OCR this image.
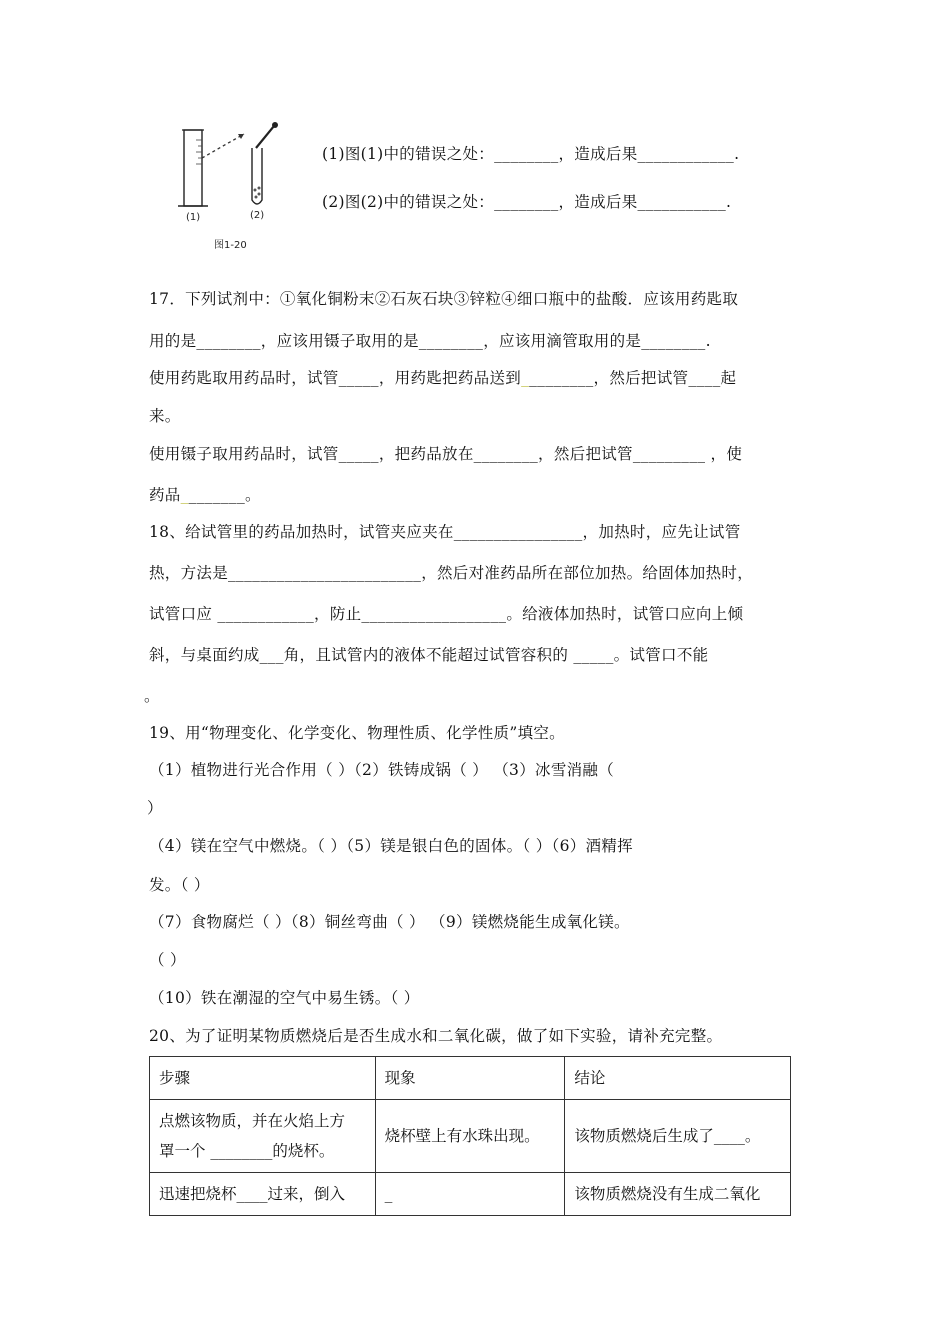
(1)	(2)
图1-20
(1)图(1)中的错误之处：________，造成后果____________.
(2)图(2)中的错误之处：________，造成后果___________.
17．下列试剂中：①氧化铜粉末②石灰石块③锌粒④细口瓶中的盐酸．应该用药匙取
用的是________，应该用镊子取用的是________，应该用滴管取用的是________.
使用药匙取用药品时，试管_____，用药匙把药品送到_________，然后把试管____起
来。
使用镊子取用药品时，试管_____，把药品放在________，然后把试管_________ ，使
药品________。
18、给试管里的药品加热时，试管夹应夹在________________，加热时，应先让试管
热，方法是________________________，然后对准药品所在部位加热。给固体加热时，
试管口应 ____________，防止__________________。给液体加热时，试管口应向上倾
斜，与桌面约成___角，且试管内的液体不能超过试管容积的 _____。试管口不能
。
19、用“物理变化、化学变化、物理性质、化学性质”填空。
（1）植物进行光合作用（ ）（2）铁铸成锅（ ） （3）冰雪消融（
）
（4）镁在空气中燃烧。（ ）（5）镁是银白色的固体。（ ）（6）酒精挥
发。（ ）
（7）食物腐烂（ ）（8）铜丝弯曲（ ） （9）镁燃烧能生成氧化镁。
（ ）
（10）铁在潮湿的空气中易生锈。（ ）
20、为了证明某物质燃烧后是否生成水和二氧化碳，做了如下实验，请补充完整。
步骤	现象	结论

点燃该物质，并在火焰上方
罩一个 ________的烧杯。	烧杯壁上有水珠出现。	该物质燃烧后生成了____。
迅速把烧杯____过来，倒入	_	该物质燃烧没有生成二氧化
